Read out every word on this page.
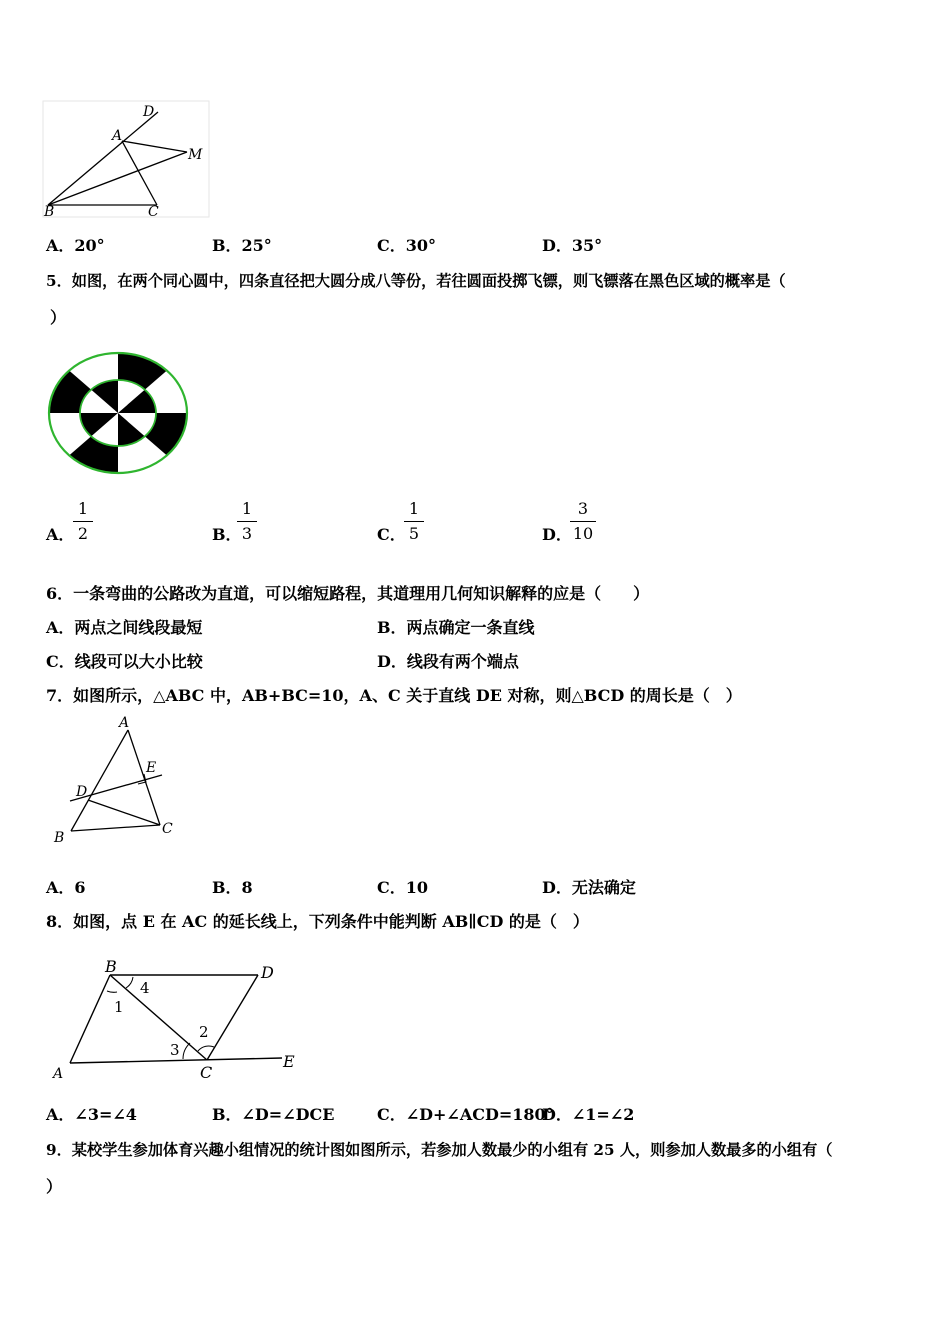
D
A
M
B	C
A．20°	B．25°	C．30°	D．35°
5．如图，在两个同心圆中，四条直径把大圆分成八等份，若往圆面投掷飞镖，则飞镖落在黑色区域的概率是（
）
A．
1
2	B．
1
3	C．
1
5	D．
3
10
6．一条弯曲的公路改为直道，可以缩短路程，其道理用几何知识解释的应是（　　）
A．两点之间线段最短	B．两点确定一条直线
C．线段可以大小比较	D．线段有两个端点
7．如图所示，△ABC 中，AB+BC=10，A、C 关于直线 DE 对称，则△BCD 的周长是（　）
A
E
D
B
C
A．6	B．8	C．10	D．无法确定
8．如图，点 E 在 AC 的延长线上，下列条件中能判断 AB∥CD 的是（　）
B	D
4
1
2
3
A	C
E
A．∠3=∠4	B．∠D=∠DCE	C．∠D+∠ACD=180°
D．∠1=∠2
9．某校学生参加体育兴趣小组情况的统计图如图所示，若参加人数最少的小组有 25 人，则参加人数最多的小组有（
）
